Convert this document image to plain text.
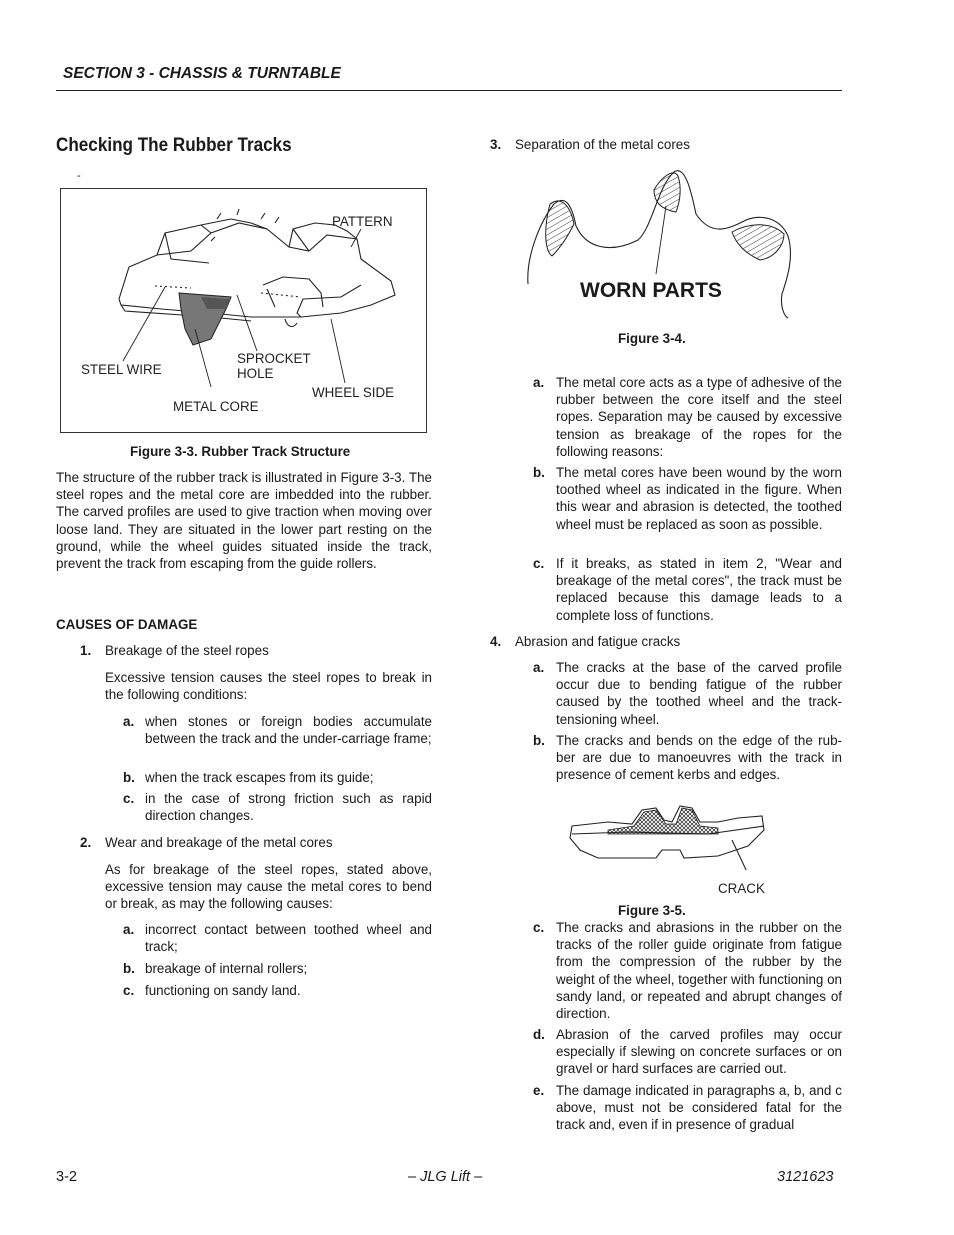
SECTION 3 - CHASSIS & TURNTABLE
Checking The Rubber Tracks
-
PATTERN
STEEL WIRE
SPROCKET
HOLE
WHEEL SIDE
METAL CORE
Figure 3-3. Rubber Track Structure
The structure of the rubber track is illustrated in Figure 3-3. The steel ropes and the metal core are imbedded into the rubber. The carved profiles are used to give traction when moving over loose land. They are situated in the lower part resting on the ground, while the wheel guides situated inside the track, prevent the track from escaping from the guide rollers.
CAUSES OF DAMAGE
1. Breakage of the steel ropes
Excessive tension causes the steel ropes to break in the following conditions:
a. when stones or foreign bodies accumulate between the track and the under-carriage frame;
b. when the track escapes from its guide;
c. in the case of strong friction such as rapid direction changes.
2. Wear and breakage of the metal cores
As for breakage of the steel ropes, stated above, excessive tension may cause the metal cores to bend or break, as may the following causes:
a. incorrect contact between toothed wheel and track;
b. breakage of internal rollers;
c. functioning on sandy land.
3. Separation of the metal cores
WORN PARTS
Figure 3-4.
a. The metal core acts as a type of adhesive of the rubber between the core itself and the steel ropes. Separation may be caused by excessive tension as breakage of the ropes for the following reasons:
b. The metal cores have been wound by the worn toothed wheel as indicated in the figure. When this wear and abrasion is detected, the toothed wheel must be replaced as soon as possible.
c. If it breaks, as stated in item 2, "Wear and breakage of the metal cores", the track must be replaced because this damage leads to a complete loss of functions.
4. Abrasion and fatigue cracks
a. The cracks at the base of the carved profile occur due to bending fatigue of the rubber caused by the toothed wheel and the track-tensioning wheel.
b. The cracks and bends on the edge of the rub-ber are due to manoeuvres with the track in presence of cement kerbs and edges.
CRACK
Figure 3-5.
c. The cracks and abrasions in the rubber on the tracks of the roller guide originate from fatigue from the compression of the rubber by the weight of the wheel, together with functioning on sandy land, or repeated and abrupt changes of direction.
d. Abrasion of the carved profiles may occur especially if slewing on concrete surfaces or on gravel or hard surfaces are carried out.
e. The damage indicated in paragraphs a, b, and c above, must not be considered fatal for the track and, even if in presence of gradual
3-2	– JLG Lift –	3121623
